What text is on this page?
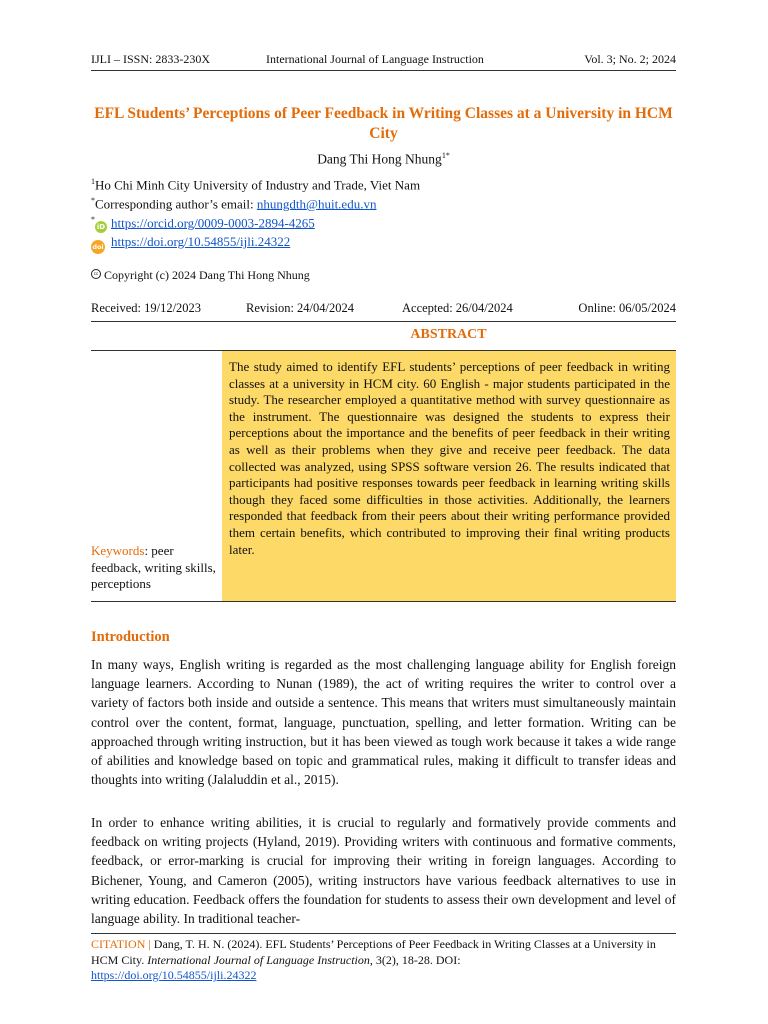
IJLI – ISSN: 2833-230X	International Journal of Language Instruction	Vol. 3; No. 2; 2024
EFL Students’ Perceptions of Peer Feedback in Writing Classes at a University in HCM City
Dang Thi Hong Nhung$^{1*}$
$^1$Ho Chi Minh City University of Industry and Trade, Viet Nam
*Corresponding author’s email: nhungdth@huit.edu.vn
*iD https://orcid.org/0009-0003-2894-4265
doi https://doi.org/10.54855/ijli.24322
cc Copyright (c) 2024 Dang Thi Hong Nhung
Received: 19/12/2023	Revision: 24/04/2024	Accepted: 26/04/2024	Online: 06/05/2024
ABSTRACT
Keywords: peer feedback, writing skills, perceptions
The study aimed to identify EFL students’ perceptions of peer feedback in writing classes at a university in HCM city. 60 English - major students participated in the study. The researcher employed a quantitative method with survey questionnaire as the instrument. The questionnaire was designed the students to express their perceptions about the importance and the benefits of peer feedback in their writing as well as their problems when they give and receive peer feedback. The data collected was analyzed, using SPSS software version 26. The results indicated that participants had positive responses towards peer feedback in learning writing skills though they faced some difficulties in those activities. Additionally, the learners responded that feedback from their peers about their writing performance provided them certain benefits, which contributed to improving their final writing products later.
Introduction

In many ways, English writing is regarded as the most challenging language ability for English foreign language learners. According to Nunan (1989), the act of writing requires the writer to control over a variety of factors both inside and outside a sentence. This means that writers must simultaneously maintain control over the content, format, language, punctuation, spelling, and letter formation. Writing can be approached through writing instruction, but it has been viewed as tough work because it takes a wide range of abilities and knowledge based on topic and grammatical rules, making it difficult to transfer ideas and thoughts into writing (Jalaluddin et al., 2015).

In order to enhance writing abilities, it is crucial to regularly and formatively provide comments and feedback on writing projects (Hyland, 2019). Providing writers with continuous and formative comments, feedback, or error-marking is crucial for improving their writing in foreign languages. According to Bichener, Young, and Cameron (2005), writing instructors have various feedback alternatives to use in writing education. Feedback offers the foundation for students to assess their own development and level of language ability. In traditional teacher-

CITATION | Dang, T. H. N. (2024). EFL Students’ Perceptions of Peer Feedback in Writing Classes at a University in HCM City. International Journal of Language Instruction, 3(2), 18-28. DOI:
https://doi.org/10.54855/ijli.24322
